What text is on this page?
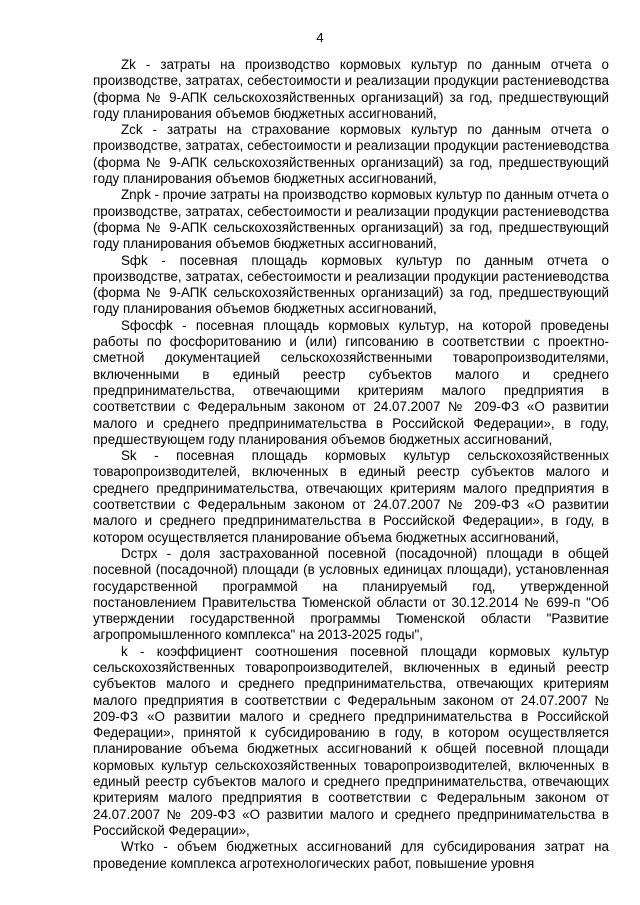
4

Zk - затраты на производство кормовых культур по данным отчета о производстве, затратах, себестоимости и реализации продукции растениеводства (форма № 9-АПК сельскохозяйственных организаций) за год, предшествующий году планирования объемов бюджетных ассигнований,

Zck - затраты на страхование кормовых культур по данным отчета о производстве, затратах, себестоимости и реализации продукции растениеводства (форма № 9-АПК сельскохозяйственных организаций) за год, предшествующий году планирования объемов бюджетных ассигнований,

Znpk - прочие затраты на производство кормовых культур по данным отчета о производстве, затратах, себестоимости и реализации продукции растениеводства (форма № 9-АПК сельскохозяйственных организаций) за год, предшествующий году планирования объемов бюджетных ассигнований,

Sфk - посевная площадь кормовых культур по данным отчета о производстве, затратах, себестоимости и реализации продукции растениеводства (форма № 9-АПК сельскохозяйственных организаций) за год, предшествующий году планирования объемов бюджетных ассигнований,

Sфосфk - посевная площадь кормовых культур, на которой проведены работы по фосфоритованию и (или) гипсованию в соответствии с проектно-сметной документацией сельскохозяйственными товаропроизводителями, включенными в единый реестр субъектов малого и среднего предпринимательства, отвечающими критериям малого предприятия в соответствии с Федеральным законом от 24.07.2007 № 209-ФЗ «О развитии малого и среднего предпринимательства в Российской Федерации», в году, предшествующем году планирования объемов бюджетных ассигнований,

Sk - посевная площадь кормовых культур сельскохозяйственных товаропроизводителей, включенных в единый реестр субъектов малого и среднего предпринимательства, отвечающих критериям малого предприятия в соответствии с Федеральным законом от 24.07.2007 № 209-ФЗ «О развитии малого и среднего предпринимательства в Российской Федерации», в году, в котором осуществляется планирование объема бюджетных ассигнований,

Dстрх - доля застрахованной посевной (посадочной) площади в общей посевной (посадочной) площади (в условных единицах площади), установленная государственной программой на планируемый год, утвержденной постановлением Правительства Тюменской области от 30.12.2014 № 699-п "Об утверждении государственной программы Тюменской области "Развитие агропромышленного комплекса" на 2013-2025 годы",

k - коэффициент соотношения посевной площади кормовых культур сельскохозяйственных товаропроизводителей, включенных в единый реестр субъектов малого и среднего предпринимательства, отвечающих критериям малого предприятия в соответствии с Федеральным законом от 24.07.2007 № 209-ФЗ «О развитии малого и среднего предпринимательства в Российской Федерации», принятой к субсидированию в году, в котором осуществляется планирование объема бюджетных ассигнований к общей посевной площади кормовых культур сельскохозяйственных товаропроизводителей, включенных в единый реестр субъектов малого и среднего предпринимательства, отвечающих критериям малого предприятия в соответствии с Федеральным законом от 24.07.2007 № 209-ФЗ «О развитии малого и среднего предпринимательства в Российской Федерации»,

Wтko - объем бюджетных ассигнований для субсидирования затрат на проведение комплекса агротехнологических работ, повышение уровня
